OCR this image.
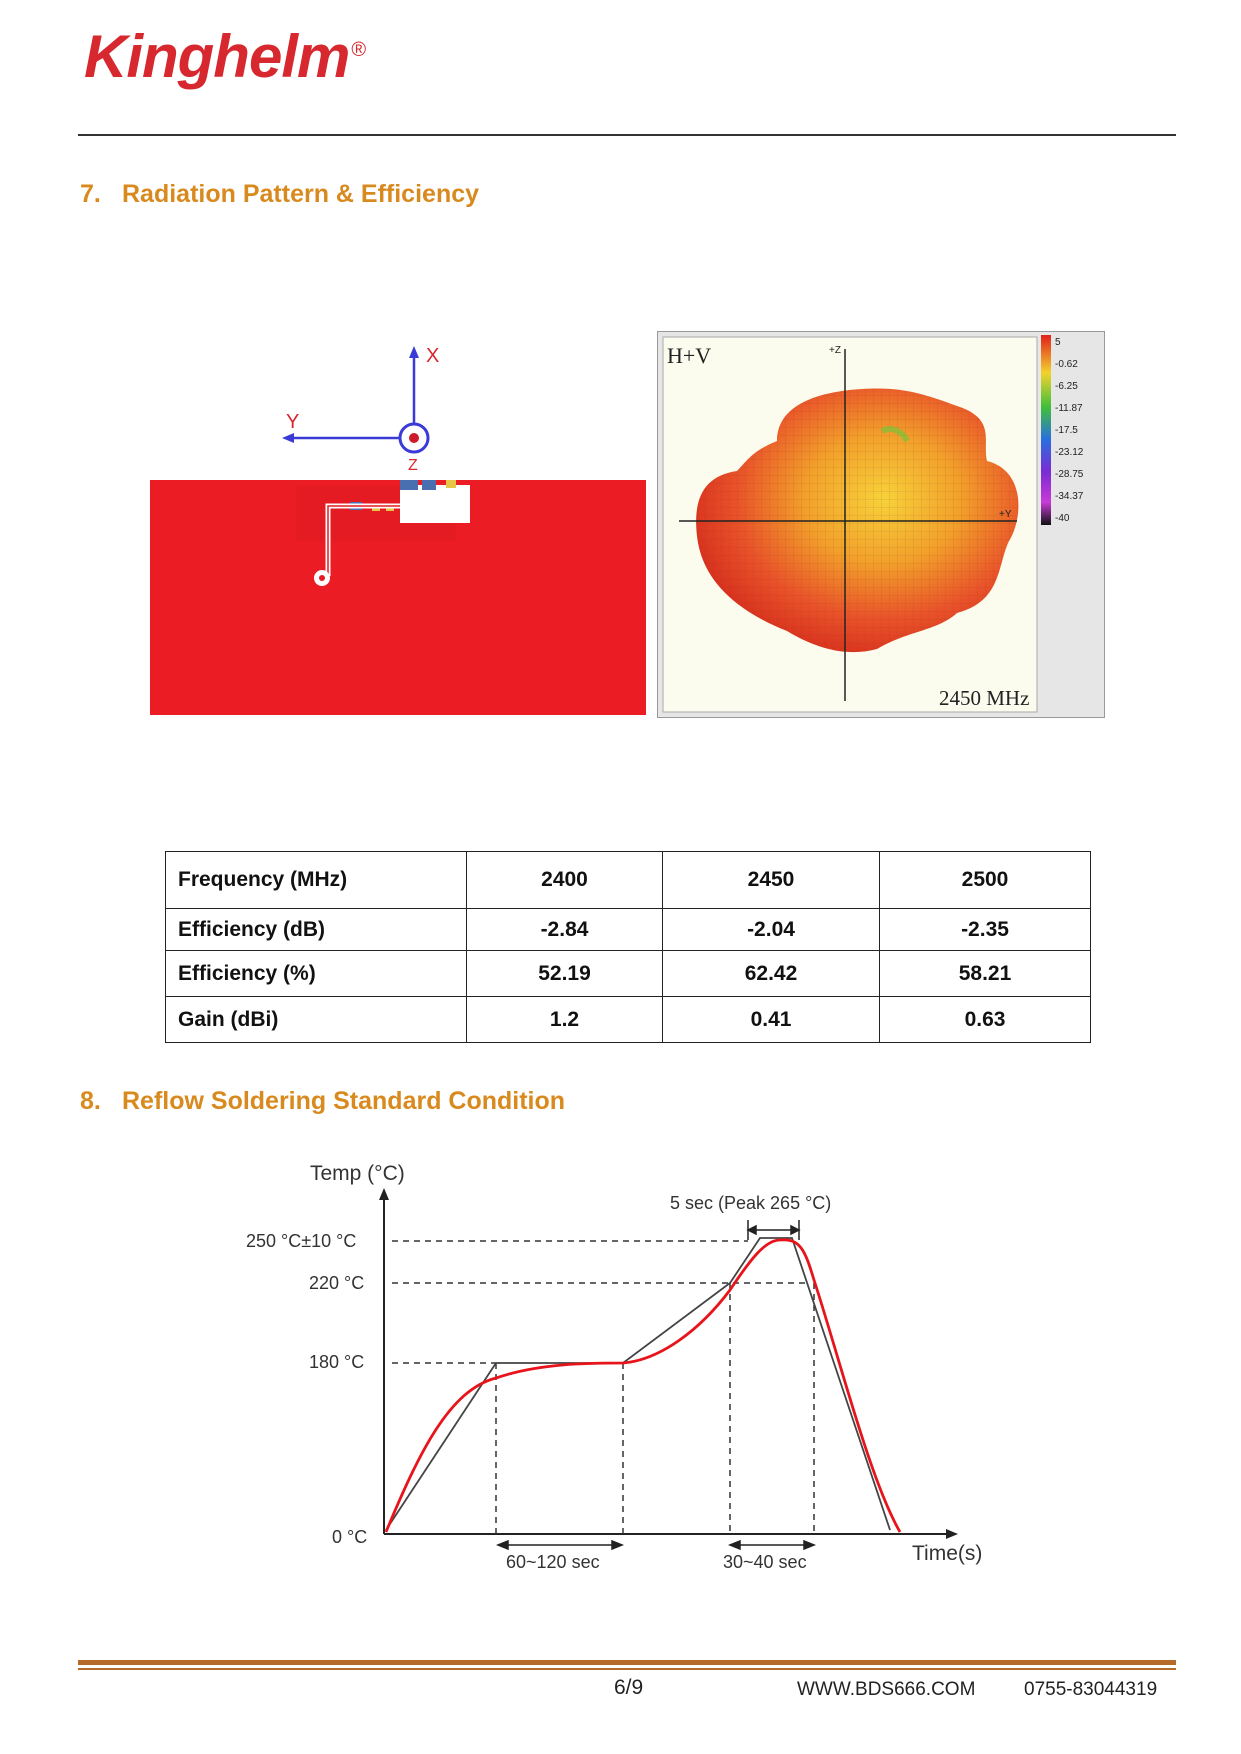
Kinghelm ®
7. Radiation Pattern & Efficiency
X
Y
Z
H+V	+Z
+Y
2450 MHz
5
-0.62
-6.25
-11.87
-17.5
-23.12
-28.75
-34.37
-40
Frequency (MHz)	2400	2450	2500
Efficiency (dB)	-2.84	-2.04	-2.35
Efficiency (%)	52.19	62.42	58.21
Gain (dBi)	1.2	0.41	0.63
8. Reflow Soldering Standard Condition
Temp (°C)
Time(s)
250 °C±10 °C
220 °C
180 °C
0 °C
5 sec (Peak 265 °C)
60~120 sec	30~40 sec
6/9	WWW.BDS666.COM	0755-83044319
